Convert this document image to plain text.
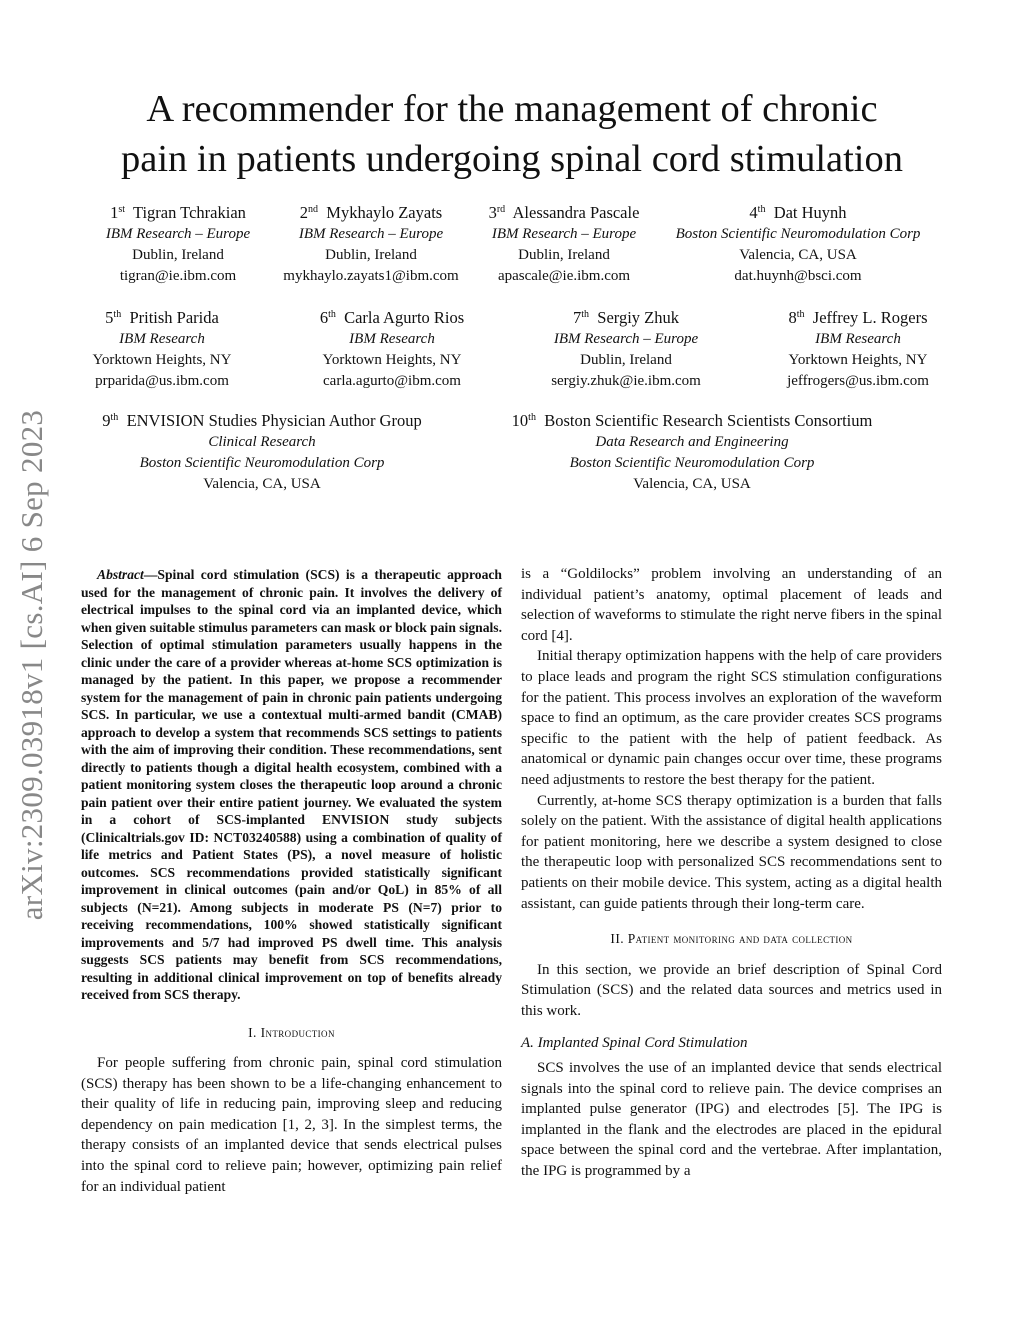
arXiv:2309.03918v1 [cs.AI] 6 Sep 2023
A recommender for the management of chronic
pain in patients undergoing spinal cord stimulation
1st Tigran Tchrakian
IBM Research – Europe
Dublin, Ireland
tigran@ie.ibm.com
2nd Mykhaylo Zayats
IBM Research – Europe
Dublin, Ireland
mykhaylo.zayats1@ibm.com
3rd Alessandra Pascale
IBM Research – Europe
Dublin, Ireland
apascale@ie.ibm.com
4th Dat Huynh
Boston Scientific Neuromodulation Corp
Valencia, CA, USA
dat.huynh@bsci.com
5th Pritish Parida
IBM Research
Yorktown Heights, NY
prparida@us.ibm.com
6th Carla Agurto Rios
IBM Research
Yorktown Heights, NY
carla.agurto@ibm.com
7th Sergiy Zhuk
IBM Research – Europe
Dublin, Ireland
sergiy.zhuk@ie.ibm.com
8th Jeffrey L. Rogers
IBM Research
Yorktown Heights, NY
jeffrogers@us.ibm.com
9th ENVISION Studies Physician Author Group
Clinical Research
Boston Scientific Neuromodulation Corp
Valencia, CA, USA
10th Boston Scientific Research Scientists Consortium
Data Research and Engineering
Boston Scientific Neuromodulation Corp
Valencia, CA, USA

Abstract—Spinal cord stimulation (SCS) is a therapeutic approach used for the management of chronic pain. It involves the delivery of electrical impulses to the spinal cord via an implanted device, which when given suitable stimulus parameters can mask or block pain signals. Selection of optimal stimulation parameters usually happens in the clinic under the care of a provider whereas at-home SCS optimization is managed by the patient. In this paper, we propose a recommender system for the management of pain in chronic pain patients undergoing SCS. In particular, we use a contextual multi-armed bandit (CMAB) approach to develop a system that recommends SCS settings to patients with the aim of improving their condition. These recommendations, sent directly to patients though a digital health ecosystem, combined with a patient monitoring system closes the therapeutic loop around a chronic pain patient over their entire patient journey. We evaluated the system in a cohort of SCS-implanted ENVISION study subjects (Clinicaltrials.gov ID: NCT03240588) using a combination of quality of life metrics and Patient States (PS), a novel measure of holistic outcomes. SCS recommendations provided statistically significant improvement in clinical outcomes (pain and/or QoL) in 85% of all subjects (N=21). Among subjects in moderate PS (N=7) prior to receiving recommendations, 100% showed statistically significant improvements and 5/7 had improved PS dwell time. This analysis suggests SCS patients may benefit from SCS recommendations, resulting in additional clinical improvement on top of benefits already received from SCS therapy.

I. Introduction

For people suffering from chronic pain, spinal cord stimulation (SCS) therapy has been shown to be a life-changing enhancement to their quality of life in reducing pain, improving sleep and reducing dependency on pain medication [1, 2, 3]. In the simplest terms, the therapy consists of an implanted device that sends electrical pulses into the spinal cord to relieve pain; however, optimizing pain relief for an individual patient

is a “Goldilocks” problem involving an understanding of an individual patient’s anatomy, optimal placement of leads and selection of waveforms to stimulate the right nerve fibers in the spinal cord [4].

Initial therapy optimization happens with the help of care providers to place leads and program the right SCS stimulation configurations for the patient. This process involves an exploration of the waveform space to find an optimum, as the care provider creates SCS programs specific to the patient with the help of patient feedback. As anatomical or dynamic pain changes occur over time, these programs need adjustments to restore the best therapy for the patient.

Currently, at-home SCS therapy optimization is a burden that falls solely on the patient. With the assistance of digital health applications for patient monitoring, here we describe a system designed to close the therapeutic loop with personalized SCS recommendations sent to patients on their mobile device. This system, acting as a digital health assistant, can guide patients through their long-term care.

II. Patient monitoring and data collection

In this section, we provide an brief description of Spinal Cord Stimulation (SCS) and the related data sources and metrics used in this work.

A. Implanted Spinal Cord Stimulation

SCS involves the use of an implanted device that sends electrical signals into the spinal cord to relieve pain. The device comprises an implanted pulse generator (IPG) and electrodes [5]. The IPG is implanted in the flank and the electrodes are placed in the epidural space between the spinal cord and the vertebrae. After implantation, the IPG is programmed by a
